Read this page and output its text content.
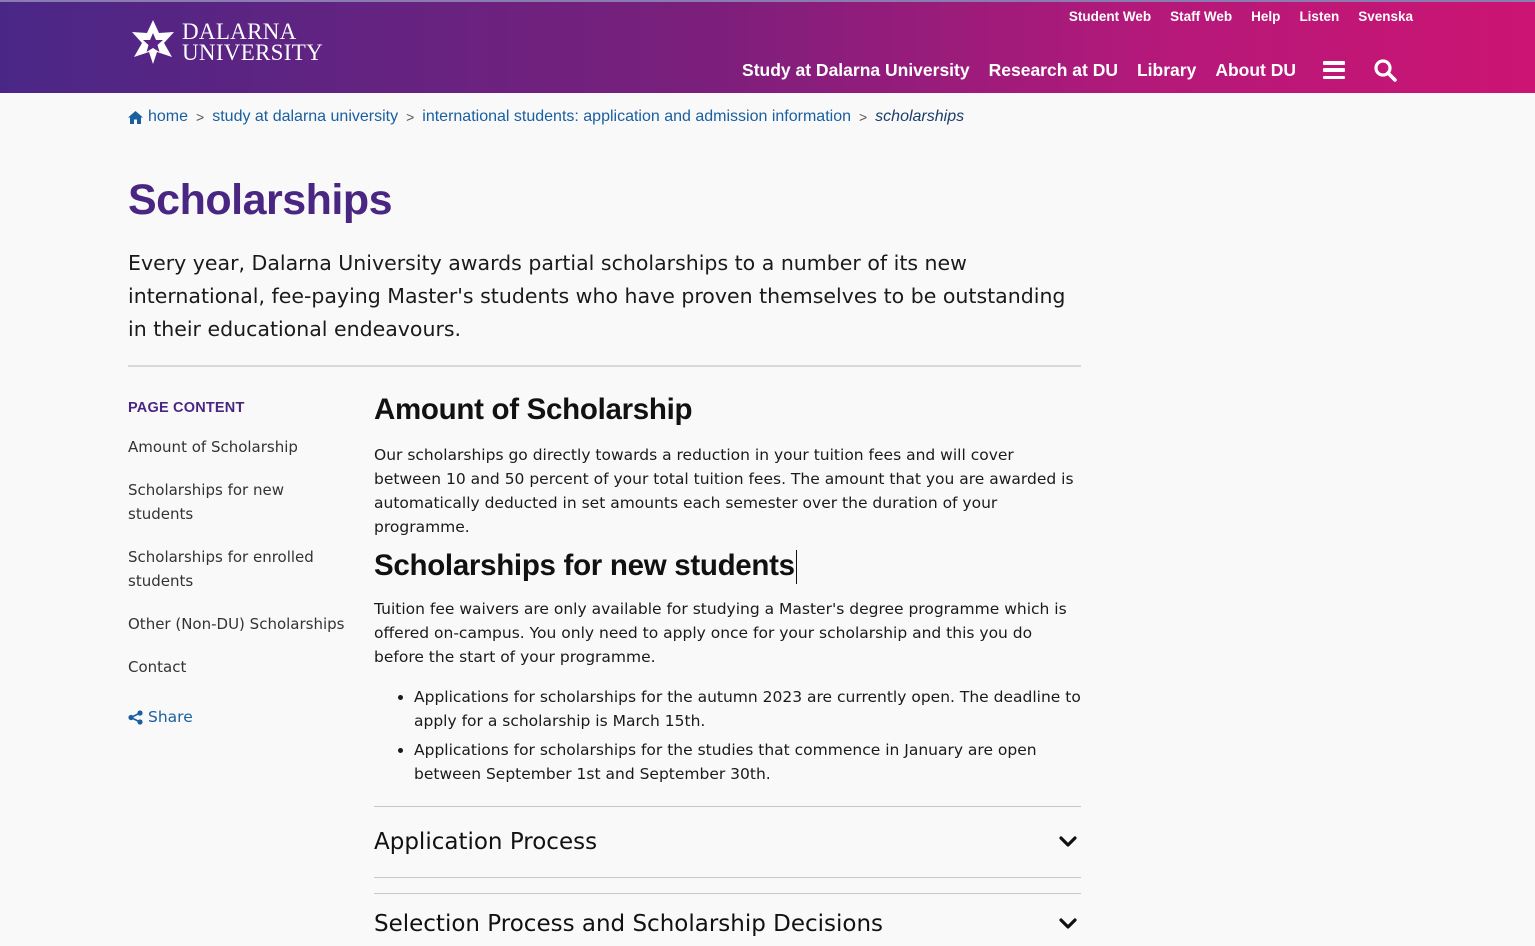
DALARNA
UNIVERSITY
Student Web Staff Web Help Listen Svenska
Study at Dalarna University Research at DU Library About DU
home > study at dalarna university > international students: application and admission information > scholarships
Scholarships

Every year, Dalarna University awards partial scholarships to a number of its new international, fee-paying Master's students who have proven themselves to be outstanding in their educational endeavours.

PAGE CONTENT
Amount of Scholarship
Scholarships for new students
Scholarships for enrolled students
Other (Non-DU) Scholarships
Contact
Share
Amount of Scholarship

Our scholarships go directly towards a reduction in your tuition fees and will cover between 10 and 50 percent of your total tuition fees. The amount that you are awarded is automatically deducted in set amounts each semester over the duration of your programme.

Scholarships for new students

Tuition fee waivers are only available for studying a Master's degree programme which is offered on-campus. You only need to apply once for your scholarship and this you do before the start of your programme.

• Applications for scholarships for the autumn 2023 are currently open. The deadline to apply for a scholarship is March 15th.
• Applications for scholarships for the studies that commence in January are open between September 1st and September 30th.
Application Process
Selection Process and Scholarship Decisions
